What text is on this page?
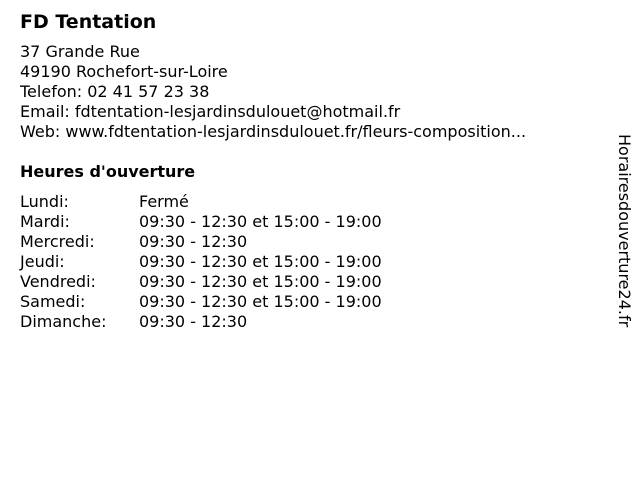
FD Tentation
37 Grande Rue
49190 Rochefort-sur-Loire
Telefon: 02 41 57 23 38
Email: fdtentation-lesjardinsdulouet@hotmail.fr
Web: www.fdtentation-lesjardinsdulouet.fr/fleurs-composition...
Heures d'ouverture
Lundi:	Fermé
Mardi:	09:30 - 12:30 et 15:00 - 19:00
Mercredi:	09:30 - 12:30
Jeudi:	09:30 - 12:30 et 15:00 - 19:00
Vendredi:	09:30 - 12:30 et 15:00 - 19:00
Samedi:	09:30 - 12:30 et 15:00 - 19:00
Dimanche: 09:30 - 12:30	Horairesdouverture24.fr
